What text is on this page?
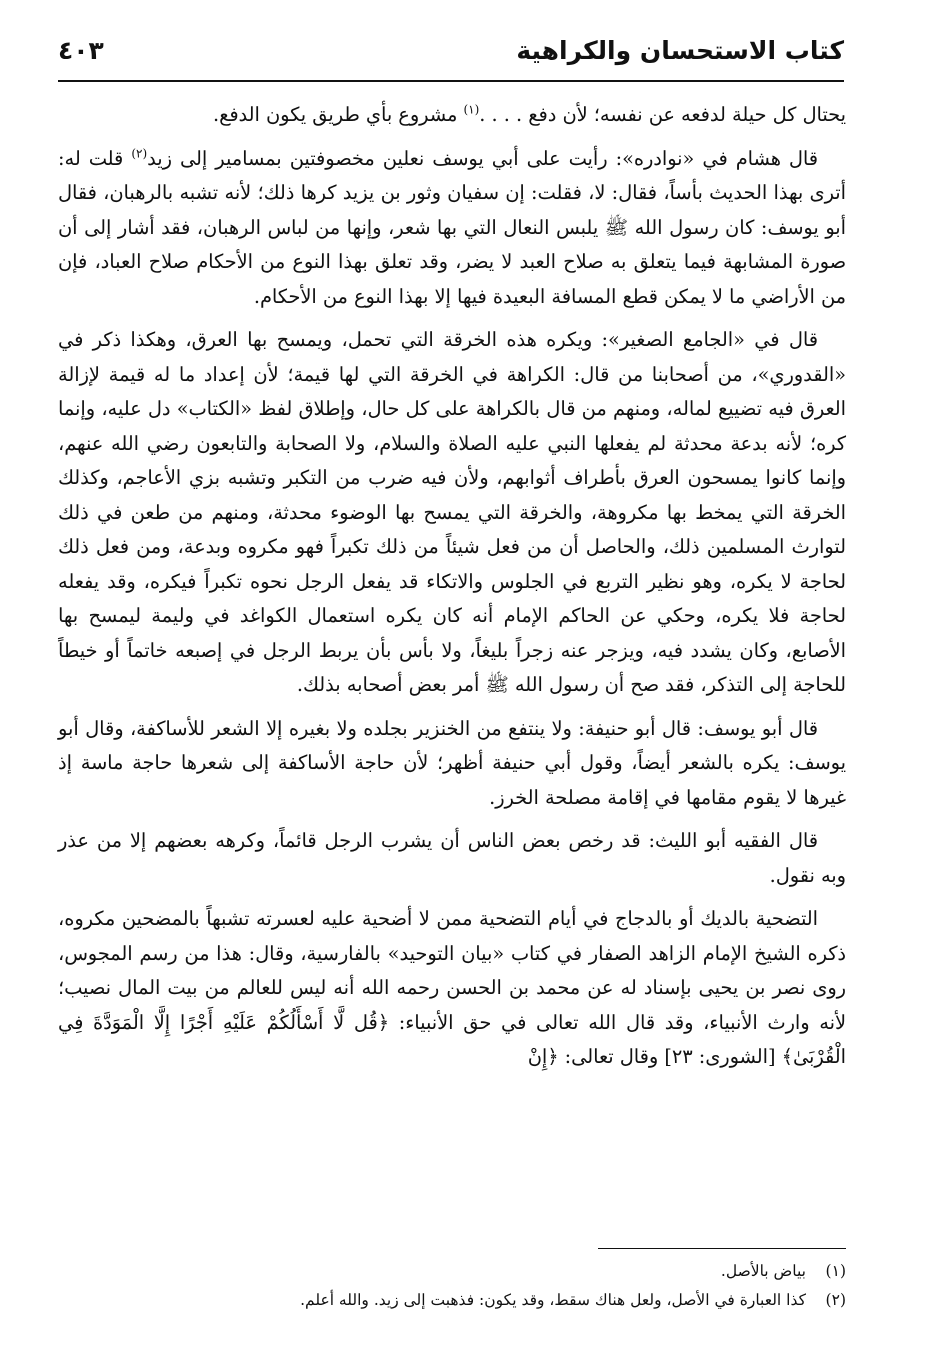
كتاب الاستحسان والكراهية
٤٠٣

يحتال كل حيلة لدفعه عن نفسه؛ لأن دفع . . . .$^{(١)}$ مشروع بأي طريق يكون الدفع.

قال هشام في «نوادره»: رأيت على أبي يوسف نعلين مخصوفتين بمسامير إلى زيد$^{(٢)}$ قلت له: أترى بهذا الحديث بأساً، فقال: لا، فقلت: إن سفيان وثور بن يزيد كرها ذلك؛ لأنه تشبه بالرهبان، فقال أبو يوسف: كان رسول الله ﷺ يلبس النعال التي بها شعر، وإنها من لباس الرهبان، فقد أشار إلى أن صورة المشابهة فيما يتعلق به صلاح العبد لا يضر، وقد تعلق بهذا النوع من الأحكام صلاح العباد، فإن من الأراضي ما لا يمكن قطع المسافة البعيدة فيها إلا بهذا النوع من الأحكام.

قال في «الجامع الصغير»: ويكره هذه الخرقة التي تحمل، ويمسح بها العرق، وهكذا ذكر في «القدوري»، من أصحابنا من قال: الكراهة في الخرقة التي لها قيمة؛ لأن إعداد ما له قيمة لإزالة العرق فيه تضييع لماله، ومنهم من قال بالكراهة على كل حال، وإطلاق لفظ «الكتاب» دل عليه، وإنما كره؛ لأنه بدعة محدثة لم يفعلها النبي عليه الصلاة والسلام، ولا الصحابة والتابعون رضي الله عنهم، وإنما كانوا يمسحون العرق بأطراف أثوابهم، ولأن فيه ضرب من التكبر وتشبه بزي الأعاجم، وكذلك الخرقة التي يمخط بها مكروهة، والخرقة التي يمسح بها الوضوء محدثة، ومنهم من طعن في ذلك لتوارث المسلمين ذلك، والحاصل أن من فعل شيئاً من ذلك تكبراً فهو مكروه وبدعة، ومن فعل ذلك لحاجة لا يكره، وهو نظير التربع في الجلوس والاتكاء قد يفعل الرجل نحوه تكبراً فيكره، وقد يفعله لحاجة فلا يكره، وحكي عن الحاكم الإمام أنه كان يكره استعمال الكواغد في وليمة ليمسح بها الأصابع، وكان يشدد فيه، ويزجر عنه زجراً بليغاً، ولا بأس بأن يربط الرجل في إصبعه خاتماً أو خيطاً للحاجة إلى التذكر، فقد صح أن رسول الله ﷺ أمر بعض أصحابه بذلك.

قال أبو يوسف: قال أبو حنيفة: ولا ينتفع من الخنزير بجلده ولا بغيره إلا الشعر للأساكفة، وقال أبو يوسف: يكره بالشعر أيضاً، وقول أبي حنيفة أظهر؛ لأن حاجة الأساكفة إلى شعرها حاجة ماسة إذ غيرها لا يقوم مقامها في إقامة مصلحة الخرز.

قال الفقيه أبو الليث: قد رخص بعض الناس أن يشرب الرجل قائماً، وكرهه بعضهم إلا من عذر وبه نقول.

التضحية بالديك أو بالدجاج في أيام التضحية ممن لا أضحية عليه لعسرته تشبهاً بالمضحين مكروه، ذكره الشيخ الإمام الزاهد الصفار في كتاب «بيان التوحيد» بالفارسية، وقال: هذا من رسم المجوس، روى نصر بن يحيى بإسناد له عن محمد بن الحسن رحمه الله أنه ليس للعالم من بيت المال نصيب؛ لأنه وارث الأنبياء، وقد قال الله تعالى في حق الأنبياء: ﴿قُل لَّا أَسْأَلُكُمْ عَلَيْهِ أَجْرًا إِلَّا الْمَوَدَّةَ فِي الْقُرْبَىٰ﴾ [الشورى: ٢٣] وقال تعالى: ﴿إِنْ

(١)بياض بالأصل.

(٢)كذا العبارة في الأصل، ولعل هناك سقط، وقد يكون: فذهبت إلى زيد. والله أعلم.
